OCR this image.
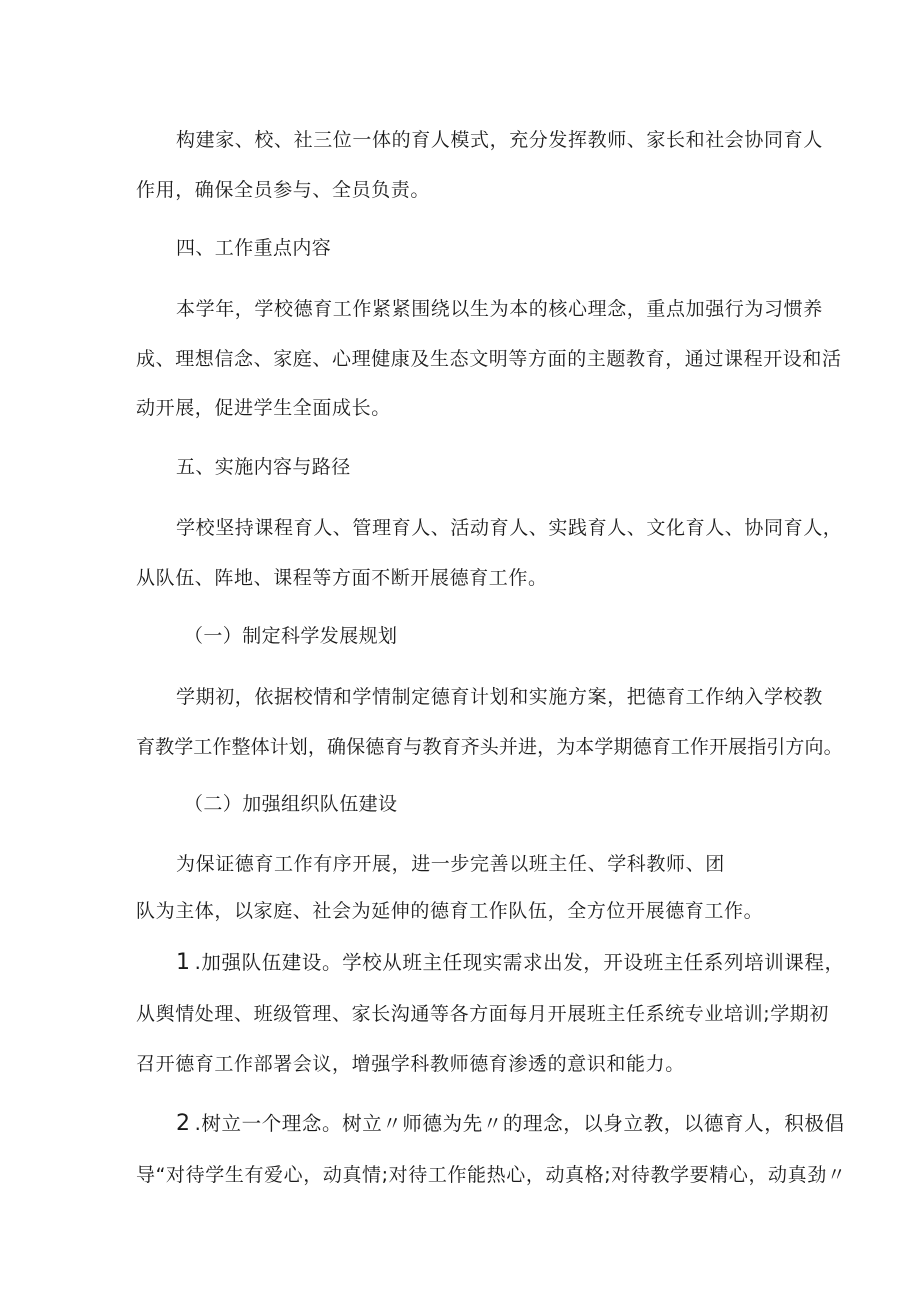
构建家、校、社三位一体的育人模式，充分发挥教师、家长和社会协同育人
作用，确保全员参与、全员负责。
四、工作重点内容
本学年，学校德育工作紧紧围绕以生为本的核心理念，重点加强行为习惯养
成、理想信念、家庭、心理健康及生态文明等方面的主题教育，通过课程开设和活
动开展，促进学生全面成长。
五、实施内容与路径
学校坚持课程育人、管理育人、活动育人、实践育人、文化育人、协同育人，
从队伍、阵地、课程等方面不断开展德育工作。
（一）制定科学发展规划
学期初，依据校情和学情制定德育计划和实施方案，把德育工作纳入学校教
育教学工作整体计划，确保德育与教育齐头并进，为本学期德育工作开展指引方向。
（二）加强组织队伍建设
为保证德育工作有序开展，进一步完善以班主任、学科教师、团
队为主体，以家庭、社会为延伸的德育工作队伍，全方位开展德育工作。
1 .加强队伍建设。学校从班主任现实需求出发，开设班主任系列培训课程，
从舆情处理、班级管理、家长沟通等各方面每月开展班主任系统专业培训;学期初
召开德育工作部署会议，增强学科教师德育渗透的意识和能力。
2 .树立一个理念。树立〃师德为先〃的理念，以身立教，以德育人，积极倡
导“对待学生有爱心，动真情;对待工作能热心，动真格;对待教学要精心，动真劲〃
